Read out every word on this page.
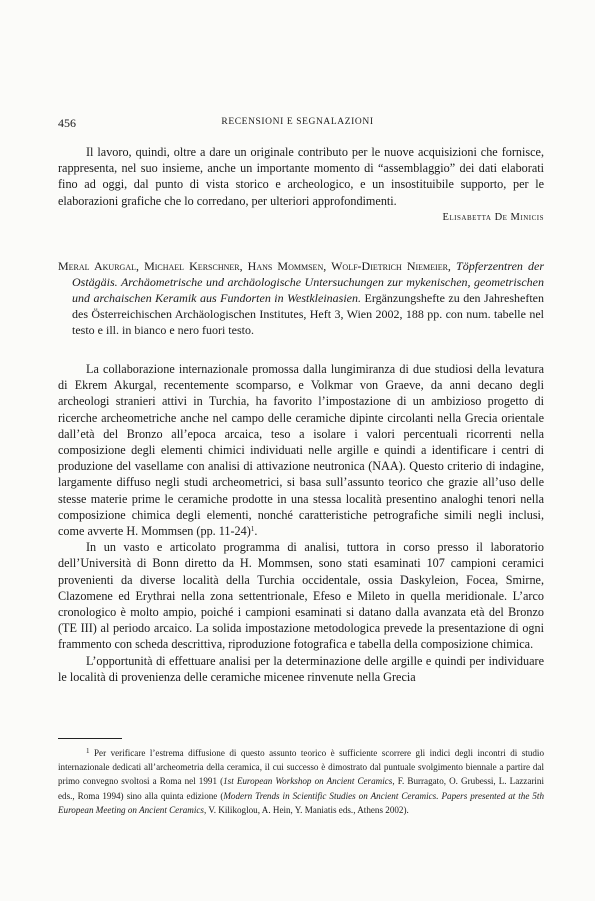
456	RECENSIONI E SEGNALAZIONI

Il lavoro, quindi, oltre a dare un originale contributo per le nuove acquisizioni che fornisce, rappresenta, nel suo insieme, anche un importante momento di “assemblaggio” dei dati elaborati fino ad oggi, dal punto di vista storico e archeologico, e un insostituibile supporto, per le elaborazioni grafiche che lo corredano, per ulteriori approfondimenti.

Elisabetta De Minicis
Meral Akurgal, Michael Kerschner, Hans Mommsen, Wolf-Dietrich Niemeier, Töpferzentren der Ostägäis. Archäometrische und archäologische Untersuchungen zur mykenischen, geometrischen und archaischen Keramik aus Fundorten in Westkleinasien. Ergänzungshefte zu den Jahresheften des Österreichischen Archäologischen Institutes, Heft 3, Wien 2002, 188 pp. con num. tabelle nel testo e ill. in bianco e nero fuori testo.

La collaborazione internazionale promossa dalla lungimiranza di due studiosi della levatura di Ekrem Akurgal, recentemente scomparso, e Volkmar von Graeve, da anni decano degli archeologi stranieri attivi in Turchia, ha favorito l’impostazione di un ambizioso progetto di ricerche archeometriche anche nel campo delle ceramiche dipinte circolanti nella Grecia orientale dall’età del Bronzo all’epoca arcaica, teso a isolare i valori percentuali ricorrenti nella composizione degli elementi chimici individuati nelle argille e quindi a identificare i centri di produzione del vasellame con analisi di attivazione neutronica (NAA). Questo criterio di indagine, largamente diffuso negli studi archeometrici, si basa sull’assunto teorico che grazie all’uso delle stesse materie prime le ceramiche prodotte in una stessa località presentino analoghi tenori nella composizione chimica degli elementi, nonché caratteristiche petrografiche simili negli inclusi, come avverte H. Mommsen (pp. 11-24)$^1$.

In un vasto e articolato programma di analisi, tuttora in corso presso il laboratorio dell’Università di Bonn diretto da H. Mommsen, sono stati esaminati 107 campioni ceramici provenienti da diverse località della Turchia occidentale, ossia Daskyleion, Focea, Smirne, Clazomene ed Erythrai nella zona settentrionale, Efeso e Mileto in quella meridionale. L’arco cronologico è molto ampio, poiché i campioni esaminati si datano dalla avanzata età del Bronzo (TE III) al periodo arcaico. La solida impostazione metodologica prevede la presentazione di ogni frammento con scheda descrittiva, riproduzione fotografica e tabella della composizione chimica.

L’opportunità di effettuare analisi per la determinazione delle argille e quindi per individuare le località di provenienza delle ceramiche micenee rinvenute nella Grecia

$^1$ Per verificare l’estrema diffusione di questo assunto teorico è sufficiente scorrere gli indici degli incontri di studio internazionale dedicati all’archeometria della ceramica, il cui successo è dimostrato dal puntuale svolgimento biennale a partire dal primo convegno svoltosi a Roma nel 1991 (1st European Workshop on Ancient Ceramics, F. Burragato, O. Grubessi, L. Lazzarini eds., Roma 1994) sino alla quinta edizione (Modern Trends in Scientific Studies on Ancient Ceramics. Papers presented at the 5th European Meeting on Ancient Ceramics, V. Kilikoglou, A. Hein, Y. Maniatis eds., Athens 2002).
